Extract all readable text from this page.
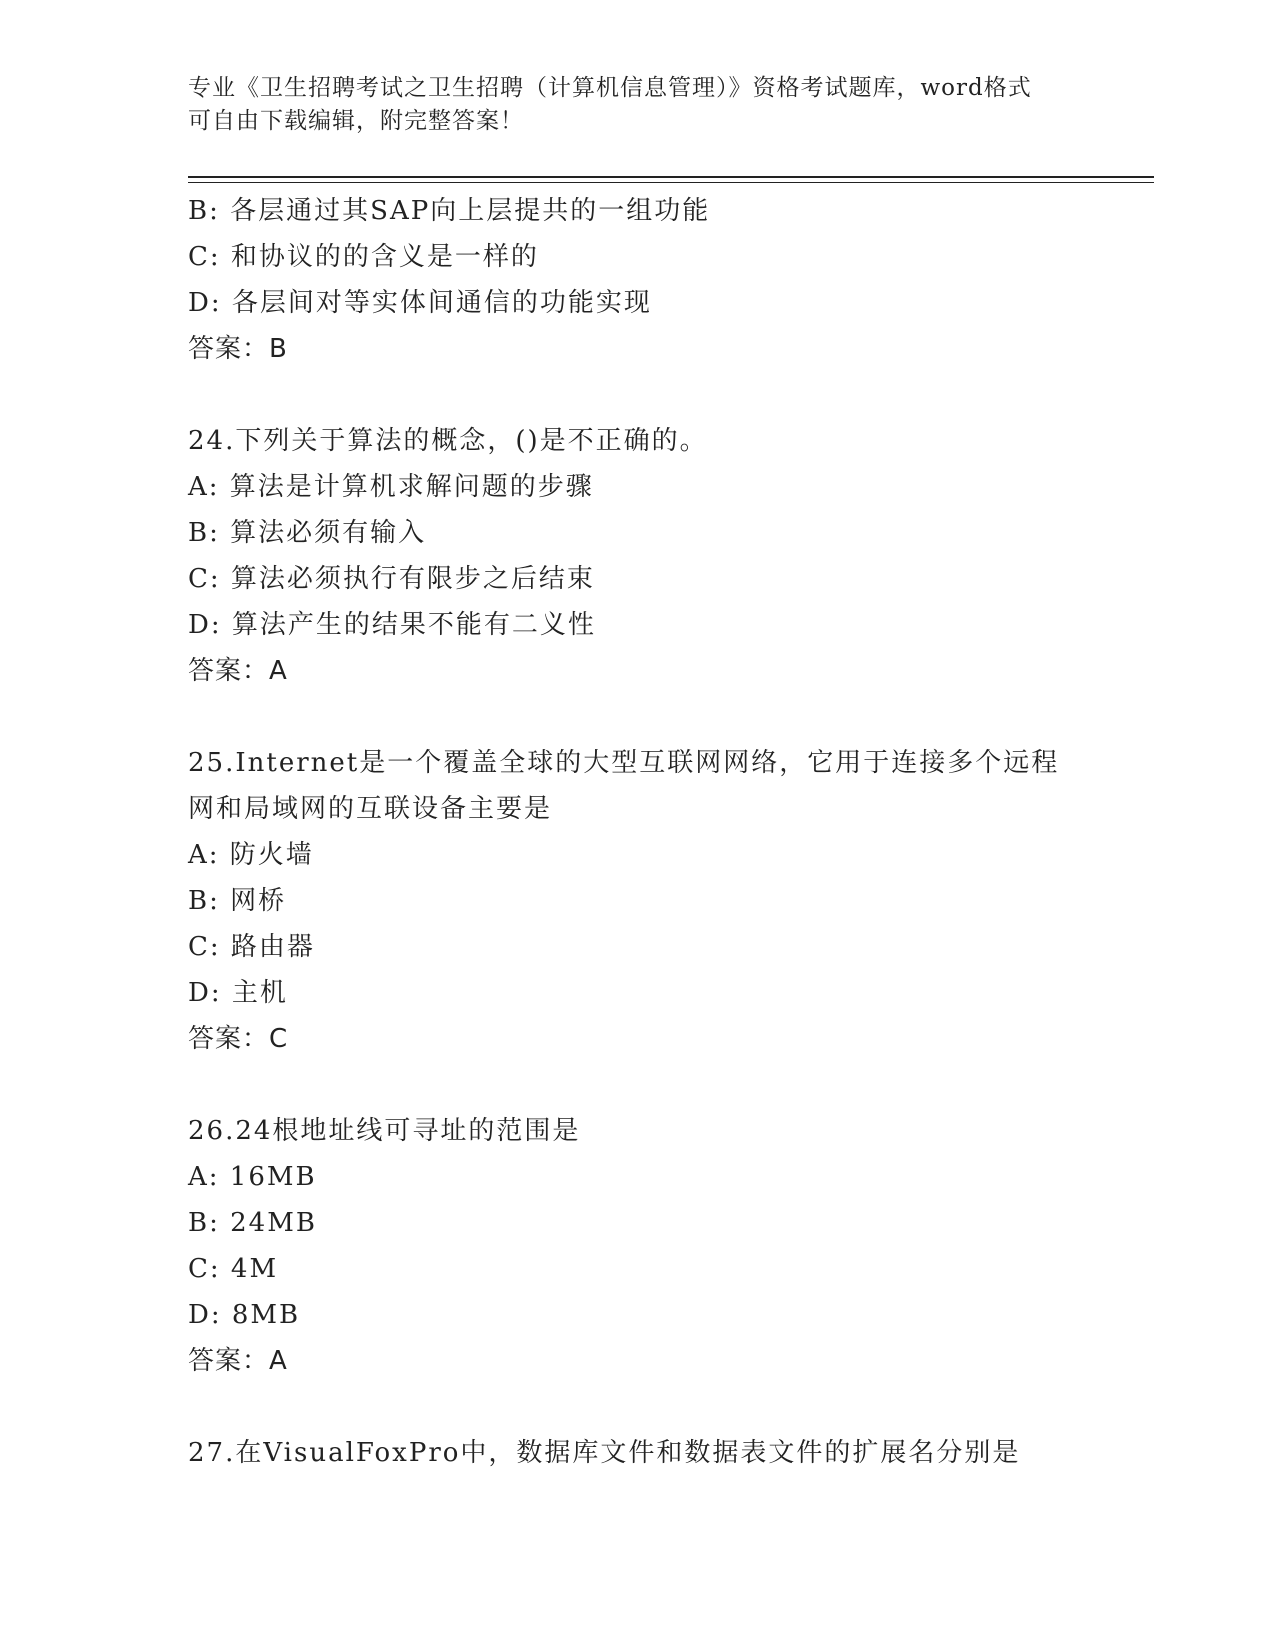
专业《卫生招聘考试之卫生招聘（计算机信息管理）》资格考试题库，word格式
可自由下载编辑，附完整答案！
B: 各层通过其SAP向上层提共的一组功能
C: 和协议的的含义是一样的
D: 各层间对等实体间通信的功能实现
答案：B
24.下列关于算法的概念，()是不正确的。
A: 算法是计算机求解问题的步骤
B: 算法必须有输入
C: 算法必须执行有限步之后结束
D: 算法产生的结果不能有二义性
答案：A
25.Internet是一个覆盖全球的大型互联网网络，它用于连接多个远程
网和局域网的互联设备主要是
A: 防火墙
B: 网桥
C: 路由器
D: 主机
答案：C
26.24根地址线可寻址的范围是
A: 16MB
B: 24MB
C: 4M
D: 8MB
答案：A
27.在VisualFoxPro中，数据库文件和数据表文件的扩展名分别是
